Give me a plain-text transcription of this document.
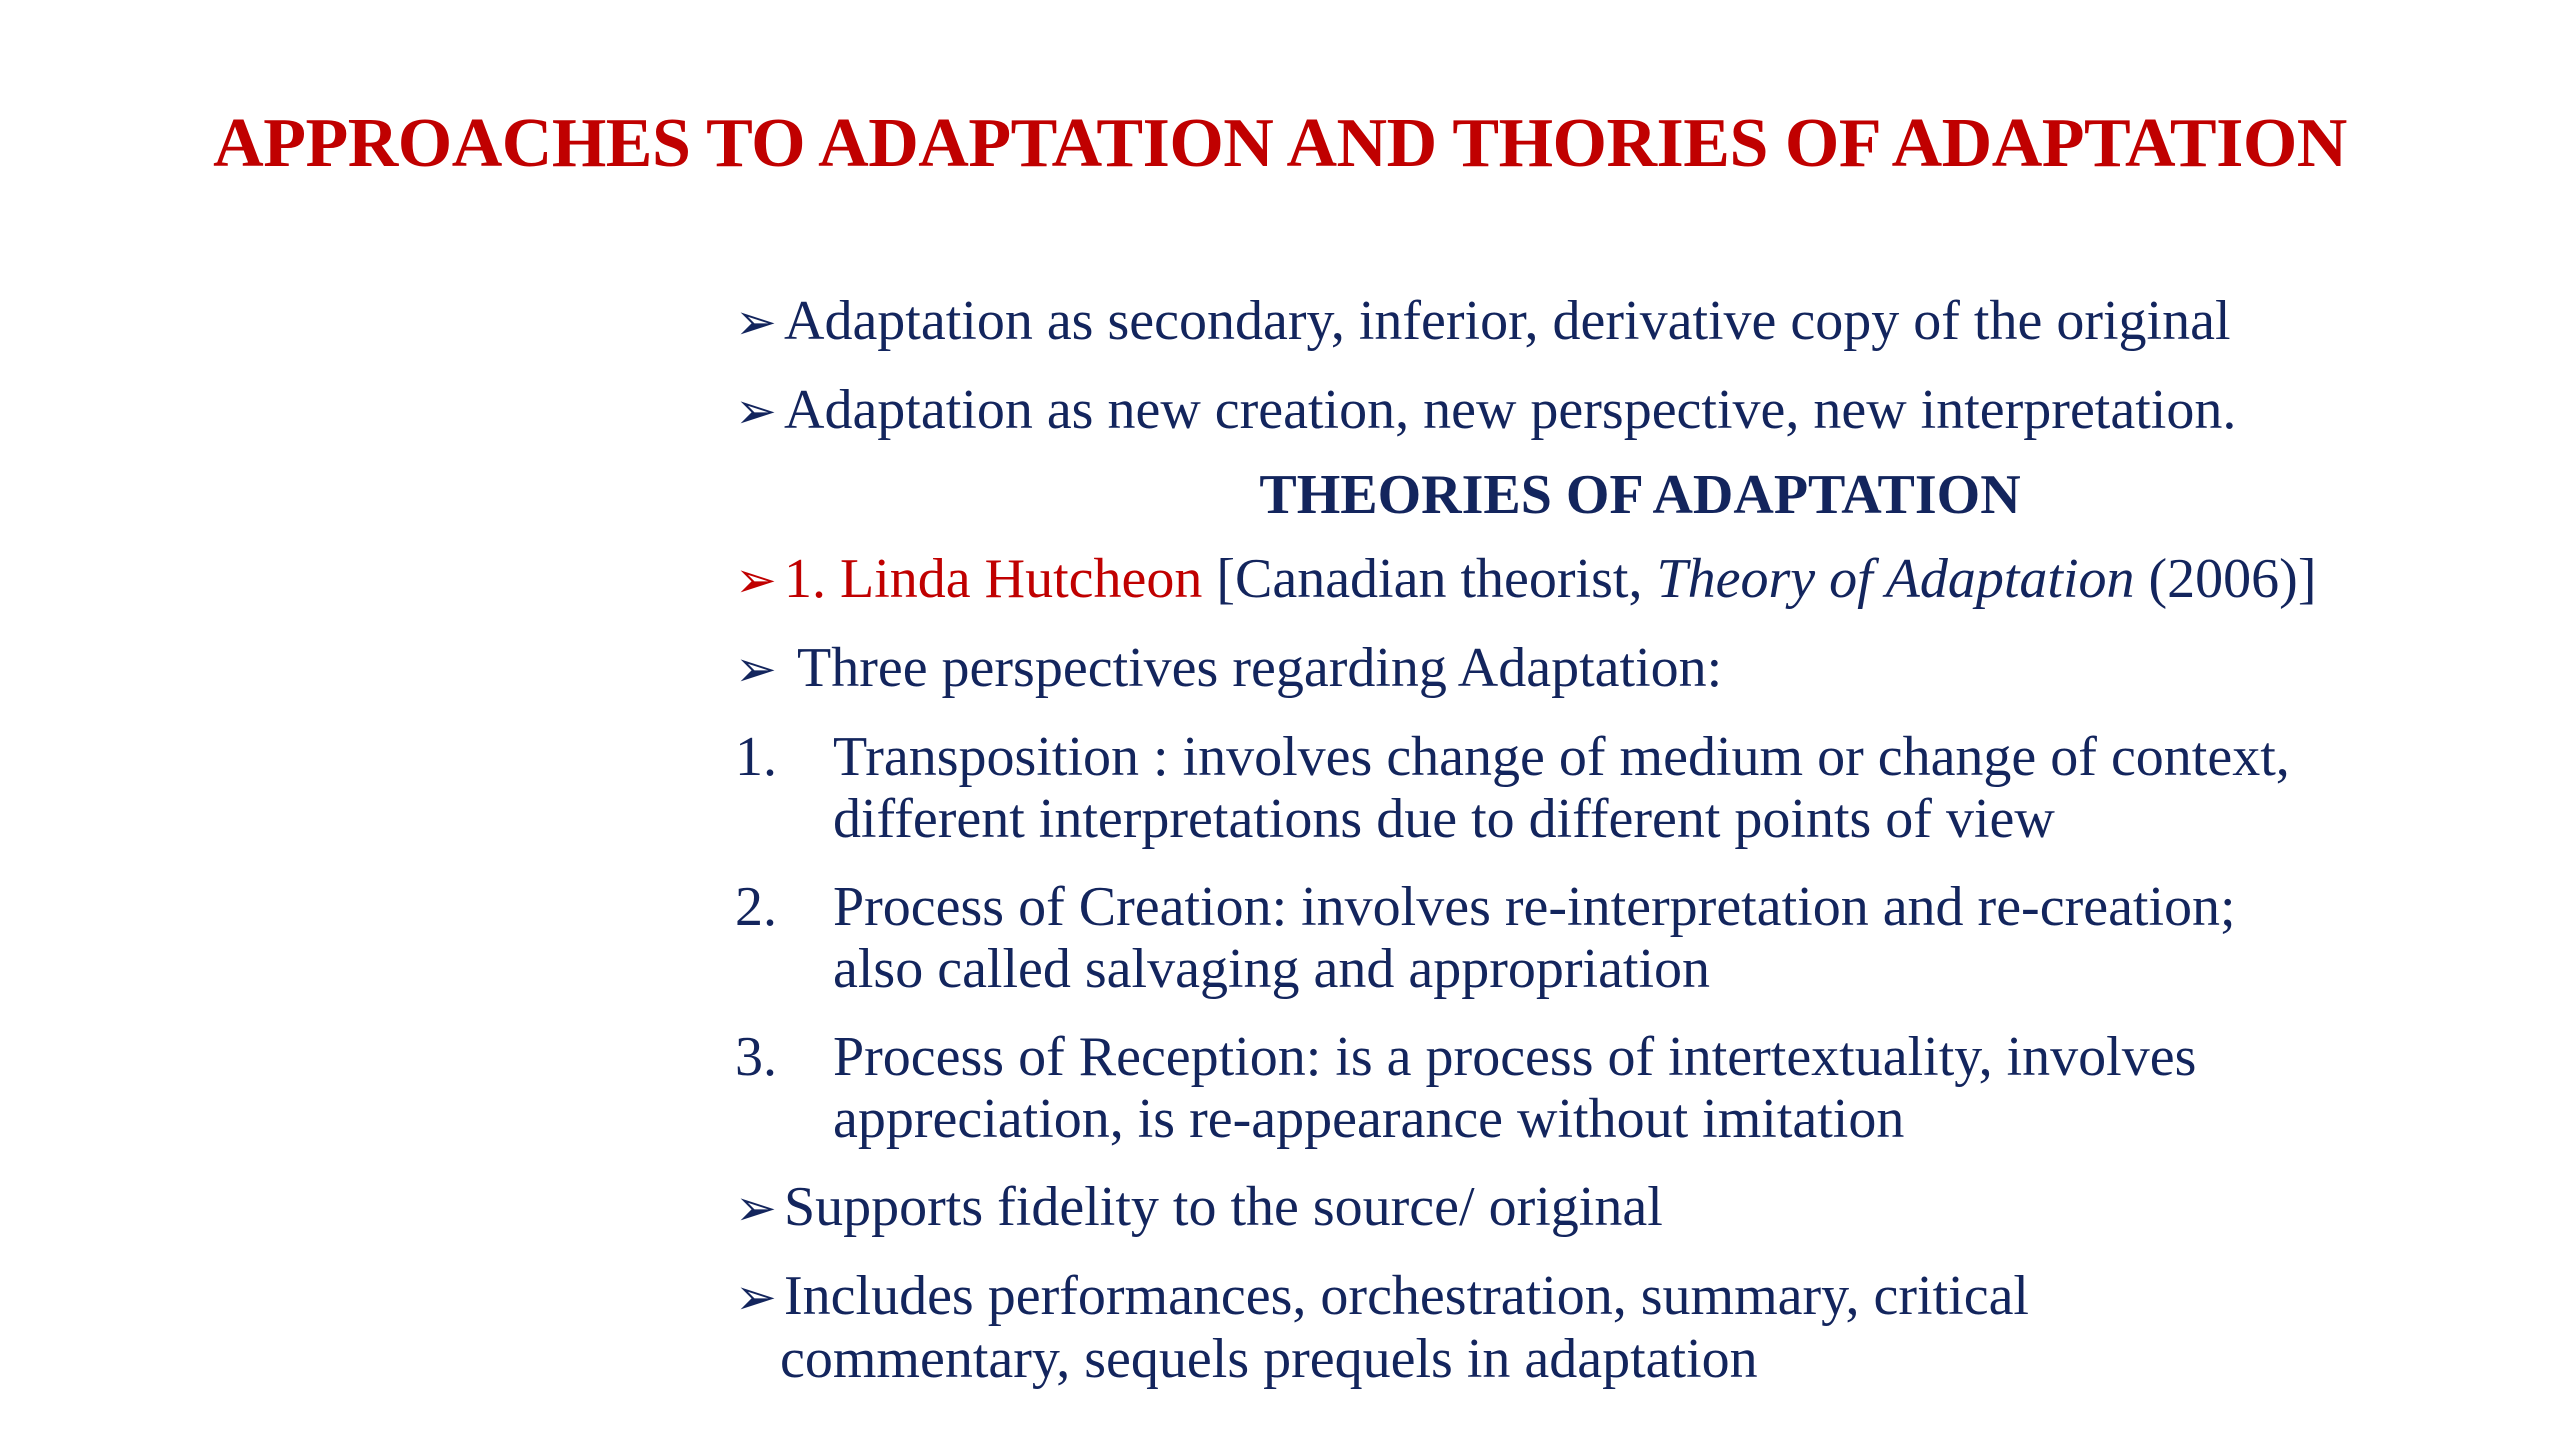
APPROACHES TO ADAPTATION AND THORIES OF ADAPTATION
➢ Adaptation as secondary, inferior, derivative copy of the original
➢ Adaptation as new creation, new perspective, new interpretation.
THEORIES OF ADAPTATION
➢ 1. Linda Hutcheon [Canadian theorist, Theory of Adaptation (2006)]
➢ Three perspectives regarding Adaptation:
1. Transposition : involves change of medium or change of context,
different interpretations due to different points of view
2. Process of Creation: involves re-interpretation and re-creation;
also called salvaging and appropriation
3. Process of Reception: is a process of intertextuality, involves
appreciation, is re-appearance without imitation
➢ Supports fidelity to the source/ original
➢ Includes performances, orchestration, summary, critical
commentary, sequels prequels in adaptation
